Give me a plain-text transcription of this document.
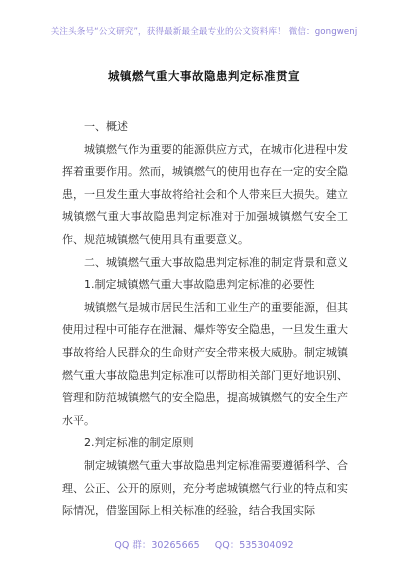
关注头条号“公文研究”，获得最新最全最专业的公文资料库！ 微信：gongwenj
城镇燃气重大事故隐患判定标准贯宣

一、概述

城镇燃气作为重要的能源供应方式，在城市化进程中发挥着重要作用。然而，城镇燃气的使用也存在一定的安全隐患，一旦发生重大事故将给社会和个人带来巨大损失。建立城镇燃气重大事故隐患判定标准对于加强城镇燃气安全工作、规范城镇燃气使用具有重要意义。

二、城镇燃气重大事故隐患判定标准的制定背景和意义

1.制定城镇燃气重大事故隐患判定标准的必要性

城镇燃气是城市居民生活和工业生产的重要能源，但其使用过程中可能存在泄漏、爆炸等安全隐患，一旦发生重大事故将给人民群众的生命财产安全带来极大威胁。制定城镇燃气重大事故隐患判定标准可以帮助相关部门更好地识别、管理和防范城镇燃气的安全隐患，提高城镇燃气的安全生产水平。

2.判定标准的制定原则

制定城镇燃气重大事故隐患判定标准需要遵循科学、合理、公正、公开的原则，充分考虑城镇燃气行业的特点和实际情况，借鉴国际上相关标准的经验，结合我国实际

QQ 群：30265665 QQ：535304092
